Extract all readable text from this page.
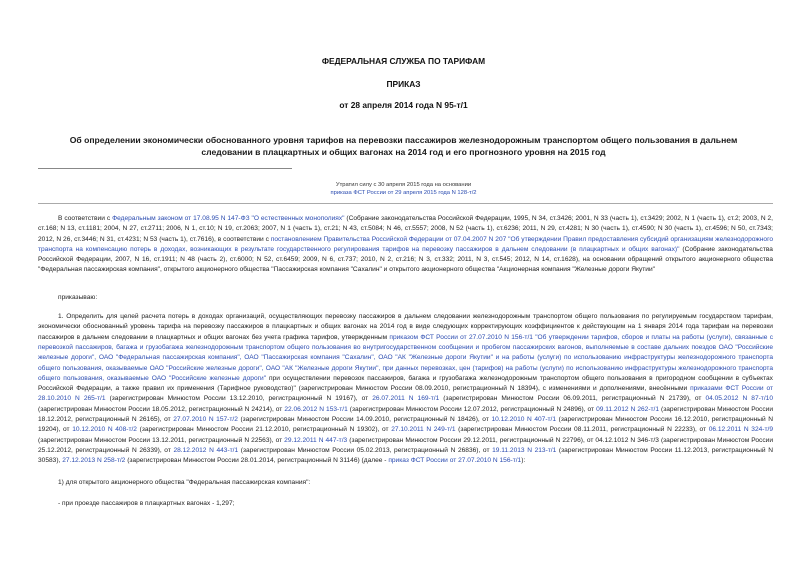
ФЕДЕРАЛЬНАЯ СЛУЖБА ПО ТАРИФАМ
ПРИКАЗ
от 28 апреля 2014 года N 95-т/1
Об определении экономически обоснованного уровня тарифов на перевозки пассажиров железнодорожным транспортом общего пользования в дальнем следовании в плацкартных и общих вагонах на 2014 год и его прогнозного уровня на 2015 год
Утратил силу с 30 апреля 2015 года на основании
приказа ФСТ России от 29 апреля 2015 года N 128-т/2

В соответствии с Федеральным законом от 17.08.95 N 147-ФЗ "О естественных монополиях" (Собрание законодательства Российской Федерации, 1995, N 34, ст.3426; 2001, N 33 (часть 1), ст.3429; 2002, N 1 (часть 1), ст.2; 2003, N 2, ст.168; N 13, ст.1181; 2004, N 27, ст.2711; 2006, N 1, ст.10; N 19, ст.2063; 2007, N 1 (часть 1), ст.21; N 43, ст.5084; N 46, ст.5557; 2008, N 52 (часть 1), ст.6236; 2011, N 29, ст.4281; N 30 (часть 1), ст.4590; N 30 (часть 1), ст.4596; N 50, ст.7343; 2012, N 26, ст.3446; N 31, ст.4231; N 53 (часть 1), ст.7616), в соответствии с постановлением Правительства Российской Федерации от 07.04.2007 N 207 "Об утверждении Правил предоставления субсидий организациям железнодорожного транспорта на компенсацию потерь в доходах, возникающих в результате государственного регулирования тарифов на перевозку пассажиров в дальнем следовании (в плацкартных и общих вагонах)" (Собрание законодательства Российской Федерации, 2007, N 16, ст.1911; N 48 (часть 2), ст.6000; N 52, ст.6459; 2009, N 6, ст.737; 2010, N 2, ст.216; N 3, ст.332; 2011, N 3, ст.545; 2012, N 14, ст.1628), на основании обращений открытого акционерного общества "Федеральная пассажирская компания", открытого акционерного общества "Пассажирская компания "Сахалин" и открытого акционерного общества "Акционерная компания "Железные дороги Якутии"

приказываю:

1. Определить для целей расчета потерь в доходах организаций, осуществляющих перевозку пассажиров в дальнем следовании железнодорожным транспортом общего пользования по регулируемым государством тарифам, экономически обоснованный уровень тарифа на перевозку пассажиров в плацкартных и общих вагонах на 2014 год в виде следующих корректирующих коэффициентов к действующим на 1 января 2014 года тарифам на перевозки пассажиров в дальнем следовании в плацкартных и общих вагонах без учета графика тарифов, утвержденным приказом ФСТ России от 27.07.2010 N 156-т/1 "Об утверждении тарифов, сборов и платы на работы (услуги), связанные с перевозкой пассажиров, багажа и грузобагажа железнодорожным транспортом общего пользования во внутригосударственном сообщении и пробегом пассажирских вагонов, выполняемые в составе дальних поездов ОАО "Российские железные дороги", ОАО "Федеральная пассажирская компания", ОАО "Пассажирская компания "Сахалин", ОАО "АК "Железные дороги Якутии" и на работы (услуги) по использованию инфраструктуры железнодорожного транспорта общего пользования, оказываемые ОАО "Российские железные дороги", ОАО "АК "Железные дороги Якутии", при данных перевозках, цен (тарифов) на работы (услуги) по использованию инфраструктуры железнодорожного транспорта общего пользования, оказываемые ОАО "Российские железные дороги" при осуществлении перевозок пассажиров, багажа и грузобагажа железнодорожным транспортом общего пользования в пригородном сообщении в субъектах Российской Федерации, а также правил их применения (Тарифное руководство)" (зарегистрирован Минюстом России 08.09.2010, регистрационный N 18394), с изменениями и дополнениями, внесёнными приказами ФСТ России от 28.10.2010 N 265-т/1 (зарегистрирован Минюстом России 13.12.2010, регистрационный N 19167), от 26.07.2011 N 169-т/1 (зарегистрирован Минюстом России 06.09.2011, регистрационный N 21739), от 04.05.2012 N 87-т/10 (зарегистрирован Минюстом России 18.05.2012, регистрационный N 24214), от 22.06.2012 N 153-т/1 (зарегистрирован Минюстом России 12.07.2012, регистрационный N 24896), от 09.11.2012 N 262-т/1 (зарегистрирован Минюстом России 18.12.2012, регистрационный N 26165), от 27.07.2010 N 157-т/2 (зарегистрирован Минюстом России 14.09.2010, регистрационный N 18426), от 10.12.2010 N 407-т/1 (зарегистрирован Минюстом России 16.12.2010, регистрационный N 19204), от 10.12.2010 N 408-т/2 (зарегистрирован Минюстом России 21.12.2010, регистрационный N 19302), от 27.10.2011 N 249-т/1 (зарегистрирован Минюстом России 08.11.2011, регистрационный N 22233), от 06.12.2011 N 324-т/9 (зарегистрирован Минюстом России 13.12.2011, регистрационный N 22563), от 29.12.2011 N 447-т/3 (зарегистрирован Минюстом России 29.12.2011, регистрационный N 22796), от 04.12.1012 N 346-т/3 (зарегистрирован Минюстом России 25.12.2012, регистрационный N 26339), от 28.12.2012 N 443-т/1 (зарегистрирован Минюстом России 05.02.2013, регистрационный N 26836), от 19.11.2013 N 213-т/1 (зарегистрирован Минюстом России 11.12.2013, регистрационный N 30583), 27.12.2013 N 258-т/2 (зарегистрирован Минюстом России 28.01.2014, регистрационный N 31146) (далее - приказ ФСТ России от 27.07.2010 N 156-т/1):

1) для открытого акционерного общества "Федеральная пассажирская компания":

- при проезде пассажиров в плацкартных вагонах - 1,297;
